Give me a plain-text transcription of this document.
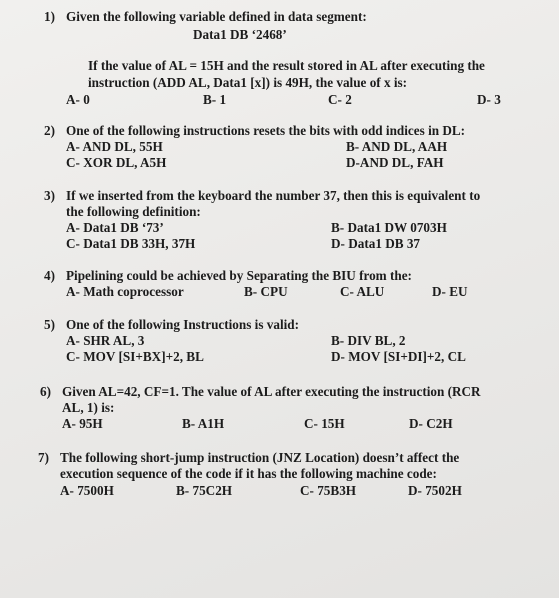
1) Given the following variable defined in data segment:
Data1 DB ‘2468’
If the value of AL = 15H and the result stored in AL after executing the
instruction (ADD AL, Data1 [x]) is 49H, the value of x is:
A- 0	B- 1	C- 2	D- 3
2) One of the following instructions resets the bits with odd indices in DL:
A- AND DL, 55H	B- AND DL, AAH
C- XOR DL, A5H	D-AND DL, FAH
3) If we inserted from the keyboard the number 37, then this is equivalent to
the following definition:
A- Data1 DB ‘73’	B- Data1 DW 0703H
C- Data1 DB 33H, 37H	D- Data1 DB 37
4) Pipelining could be achieved by Separating the BIU from the:
A- Math coprocessor	B- CPU	C- ALU	D- EU
5) One of the following Instructions is valid:
A- SHR AL, 3	B- DIV BL, 2
C- MOV [SI+BX]+2, BL	D- MOV [SI+DI]+2, CL
6) Given AL=42, CF=1. The value of AL after executing the instruction (RCR
AL, 1) is:
A- 95H	B- A1H	C- 15H	D- C2H
7) The following short-jump instruction (JNZ Location) doesn’t affect the
execution sequence of the code if it has the following machine code:
A- 7500H	B- 75C2H	C- 75B3H	D- 7502H
